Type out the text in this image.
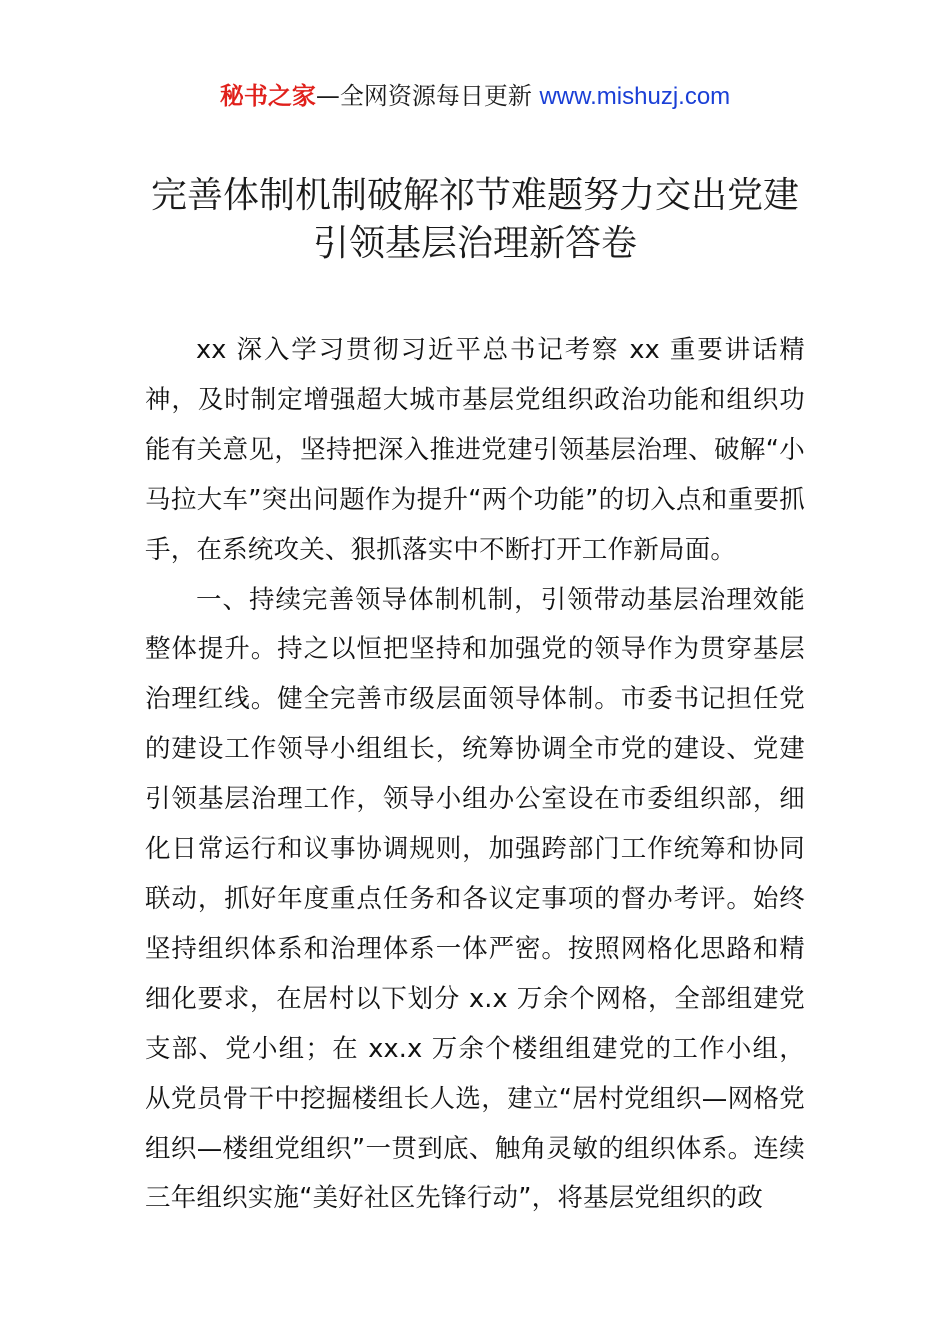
秘书之家—全网资源每日更新 www.mishuzj.com
完善体制机制破解祁节难题努力交出党建
引领基层治理新答卷

xx 深入学习贯彻习近平总书记考察 xx 重要讲话精神，及时制定增强超大城市基层党组织政治功能和组织功能有关意见，坚持把深入推进党建引领基层治理、破解“小马拉大车”突出问题作为提升“两个功能”的切入点和重要抓手，在系统攻关、狠抓落实中不断打开工作新局面。

一、持续完善领导体制机制，引领带动基层治理效能整体提升。持之以恒把坚持和加强党的领导作为贯穿基层治理红线。健全完善市级层面领导体制。市委书记担任党的建设工作领导小组组长，统筹协调全市党的建设、党建引领基层治理工作，领导小组办公室设在市委组织部，细化日常运行和议事协调规则，加强跨部门工作统筹和协同联动，抓好年度重点任务和各议定事项的督办考评。始终坚持组织体系和治理体系一体严密。按照网格化思路和精细化要求，在居村以下划分 x.x 万余个网格，全部组建党支部、党小组；在 xx.x 万余个楼组组建党的工作小组，从党员骨干中挖掘楼组长人选，建立“居村党组织—网格党组织—楼组党组织”一贯到底、触角灵敏的组织体系。连续三年组织实施“美好社区先锋行动”，将基层党组织的政
